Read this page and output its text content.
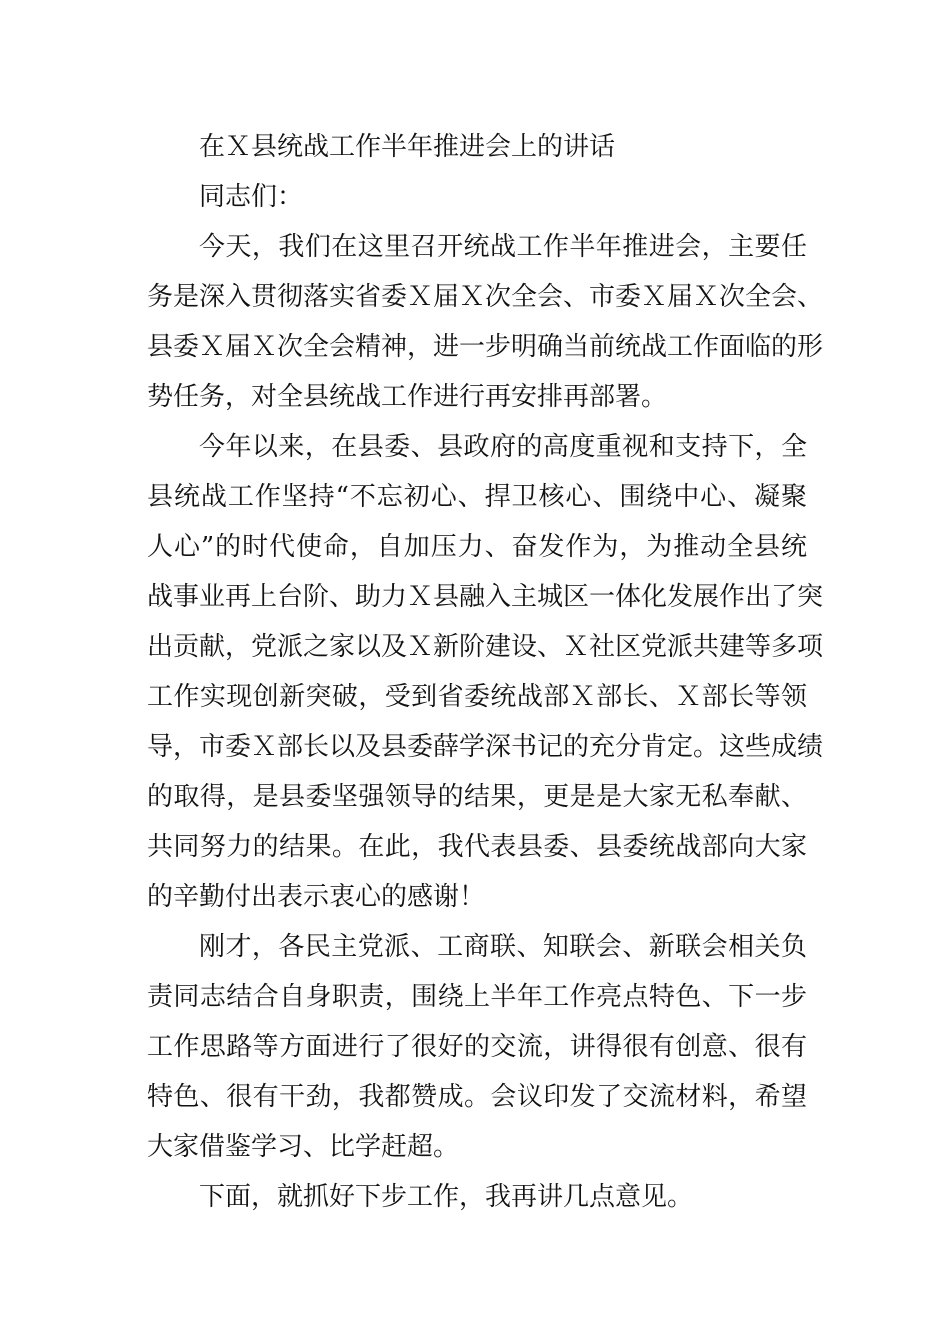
在Ｘ县统战工作半年推进会上的讲话
同志们：
今天，我们在这里召开统战工作半年推进会，主要任
务是深入贯彻落实省委Ｘ届Ｘ次全会、市委Ｘ届Ｘ次全会、
县委Ｘ届Ｘ次全会精神，进一步明确当前统战工作面临的形
势任务，对全县统战工作进行再安排再部署。
今年以来，在县委、县政府的高度重视和支持下，全
县统战工作坚持“不忘初心、捍卫核心、围绕中心、凝聚
人心”的时代使命，自加压力、奋发作为，为推动全县统
战事业再上台阶、助力Ｘ县融入主城区一体化发展作出了突
出贡献，党派之家以及Ｘ新阶建设、Ｘ社区党派共建等多项
工作实现创新突破，受到省委统战部Ｘ部长、Ｘ部长等领
导，市委Ｘ部长以及县委薛学深书记的充分肯定。这些成绩
的取得，是县委坚强领导的结果，更是是大家无私奉献、
共同努力的结果。在此，我代表县委、县委统战部向大家
的辛勤付出表示衷心的感谢！
刚才，各民主党派、工商联、知联会、新联会相关负
责同志结合自身职责，围绕上半年工作亮点特色、下一步
工作思路等方面进行了很好的交流，讲得很有创意、很有
特色、很有干劲，我都赞成。会议印发了交流材料，希望
大家借鉴学习、比学赶超。
下面，就抓好下步工作，我再讲几点意见。
